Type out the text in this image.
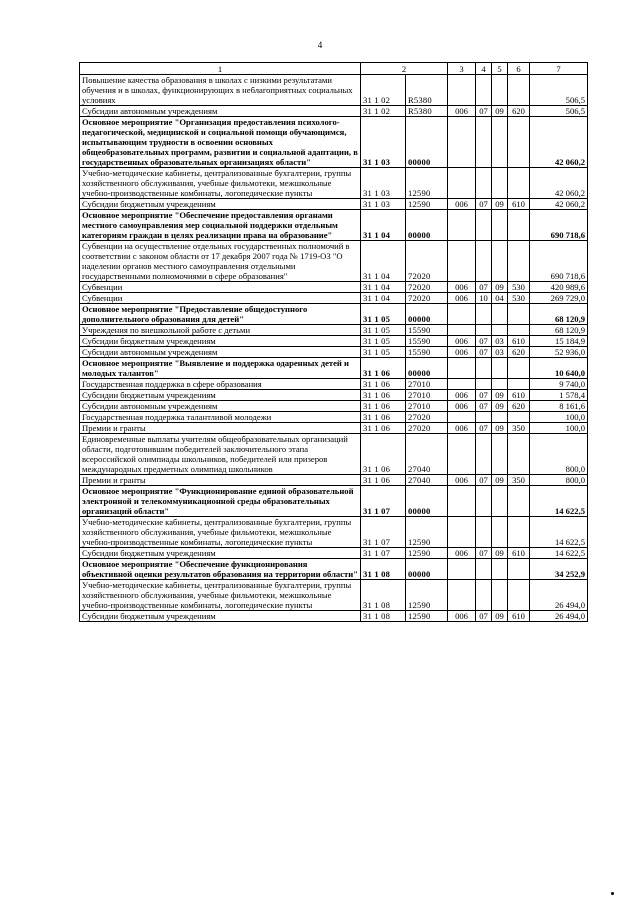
4
1	2		3	4	5	6	7
Повышение качества образования в школах с низкими результатами обучения и в школах, функционирующих в неблагоприятных социальных условиях	31 1 02	R5380					506,5
Субсидии автономным учреждениям	31 1 02	R5380	006	07	09	620	506,5
Основное мероприятие "Организация предоставления психолого-педагогической, медицинской и социальной помощи обучающимся, испытывающим трудности в освоении основных общеобразовательных программ, развитии и социальной адаптации, в государственных образовательных организациях области"	31 1 03	00000					42 060,2
Учебно-методические кабинеты, централизованные бухгалтерии, группы хозяйственного обслуживания, учебные фильмотеки, межшкольные учебно-производственные комбинаты, логопедические пункты	31 1 03	12590					42 060,2
Субсидии бюджетным учреждениям	31 1 03	12590	006	07	09	610	42 060,2
Основное мероприятие "Обеспечение предоставления органами местного самоуправления мер социальной поддержки отдельным категориям граждан в целях реализации права на образование"	31 1 04	00000					690 718,6
Субвенции на осуществление отдельных государственных полномочий в соответствии с законом области от 17 декабря 2007 года № 1719-ОЗ "О наделении органов местного самоуправления отдельными государственными полномочиями в сфере образования"	31 1 04	72020					690 718,6
Субвенции	31 1 04	72020	006	07	09	530	420 989,6
Субвенции	31 1 04	72020	006	10	04	530	269 729,0
Основное мероприятие "Предоставление общедоступного дополнительного образования для детей"	31 1 05	00000					68 120,9
Учреждения по внешкольной работе с детьми	31 1 05	15590					68 120,9
Субсидии бюджетным учреждениям	31 1 05	15590	006	07	03	610	15 184,9
Субсидии автономным учреждениям	31 1 05	15590	006	07	03	620	52 936,0
Основное мероприятие "Выявление и поддержка одаренных детей и молодых талантов"	31 1 06	00000					10 640,0
Государственная поддержка в сфере образования	31 1 06	27010					9 740,0
Субсидии бюджетным учреждениям	31 1 06	27010	006	07	09	610	1 578,4
Субсидии автономным учреждениям	31 1 06	27010	006	07	09	620	8 161,6
Государственная поддержка талантливой молодежи	31 1 06	27020					100,0
Премии и гранты	31 1 06	27020	006	07	09	350	100,0
Единовременные выплаты учителям общеобразовательных организаций области, подготовившим победителей заключительного этапа всероссийской олимпиады школьников, победителей или призеров международных предметных олимпиад школьников	31 1 06	27040					800,0
Премии и гранты	31 1 06	27040	006	07	09	350	800,0
Основное мероприятие "Функционирование единой образовательной электронной и телекоммуникационной среды образовательных организаций области"	31 1 07	00000					14 622,5
Учебно-методические кабинеты, централизованные бухгалтерии, группы хозяйственного обслуживания, учебные фильмотеки, межшкольные учебно-производственные комбинаты, логопедические пункты	31 1 07	12590					14 622,5
Субсидии бюджетным учреждениям	31 1 07	12590	006	07	09	610	14 622,5
Основное мероприятие "Обеспечение функционирования объективной оценки результатов образования на территории области"	31 1 08	00000					34 252,9
Учебно-методические кабинеты, централизованные бухгалтерии, группы хозяйственного обслуживания, учебные фильмотеки, межшкольные учебно-производственные комбинаты, логопедические пункты	31 1 08	12590					26 494,0
Субсидии бюджетным учреждениям	31 1 08	12590	006	07	09	610	26 494,0
